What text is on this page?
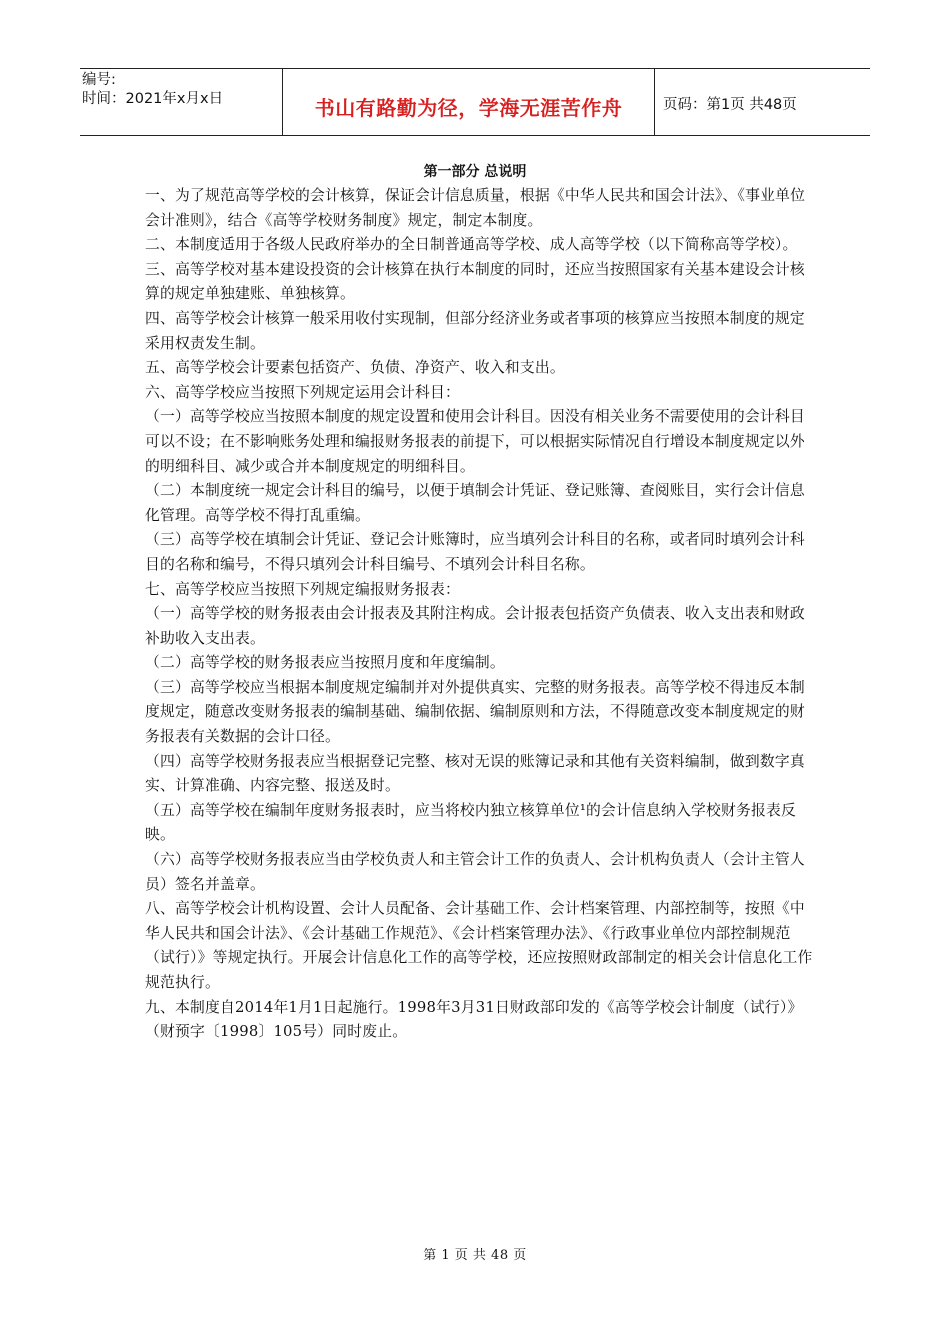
编号:
时间：2021年x月x日	书山有路勤为径，学海无涯苦作舟	页码：第1页 共48页
第一部分 总说明

一、为了规范高等学校的会计核算，保证会计信息质量，根据《中华人民共和国会计法》、《事业单位会计准则》，结合《高等学校财务制度》规定，制定本制度。

二、本制度适用于各级人民政府举办的全日制普通高等学校、成人高等学校（以下简称高等学校）。

三、高等学校对基本建设投资的会计核算在执行本制度的同时，还应当按照国家有关基本建设会计核算的规定单独建账、单独核算。

四、高等学校会计核算一般采用收付实现制，但部分经济业务或者事项的核算应当按照本制度的规定采用权责发生制。

五、高等学校会计要素包括资产、负债、净资产、收入和支出。

六、高等学校应当按照下列规定运用会计科目：

（一）高等学校应当按照本制度的规定设置和使用会计科目。因没有相关业务不需要使用的会计科目可以不设；在不影响账务处理和编报财务报表的前提下，可以根据实际情况自行增设本制度规定以外的明细科目、减少或合并本制度规定的明细科目。

（二）本制度统一规定会计科目的编号，以便于填制会计凭证、登记账簿、查阅账目，实行会计信息化管理。高等学校不得打乱重编。

（三）高等学校在填制会计凭证、登记会计账簿时，应当填列会计科目的名称，或者同时填列会计科目的名称和编号，不得只填列会计科目编号、不填列会计科目名称。

七、高等学校应当按照下列规定编报财务报表：

（一）高等学校的财务报表由会计报表及其附注构成。会计报表包括资产负债表、收入支出表和财政补助收入支出表。

（二）高等学校的财务报表应当按照月度和年度编制。

（三）高等学校应当根据本制度规定编制并对外提供真实、完整的财务报表。高等学校不得违反本制度规定，随意改变财务报表的编制基础、编制依据、编制原则和方法，不得随意改变本制度规定的财务报表有关数据的会计口径。

（四）高等学校财务报表应当根据登记完整、核对无误的账簿记录和其他有关资料编制，做到数字真实、计算准确、内容完整、报送及时。

（五）高等学校在编制年度财务报表时，应当将校内独立核算单位¹的会计信息纳入学校财务报表反映。

（六）高等学校财务报表应当由学校负责人和主管会计工作的负责人、会计机构负责人（会计主管人员）签名并盖章。

八、高等学校会计机构设置、会计人员配备、会计基础工作、会计档案管理、内部控制等，按照《中华人民共和国会计法》、《会计基础工作规范》、《会计档案管理办法》、《行政事业单位内部控制规范（试行）》等规定执行。开展会计信息化工作的高等学校，还应按照财政部制定的相关会计信息化工作规范执行。

九、本制度自2014年1月1日起施行。1998年3月31日财政部印发的《高等学校会计制度（试行）》（财预字〔1998〕105号）同时废止。

第 1 页 共 48 页
